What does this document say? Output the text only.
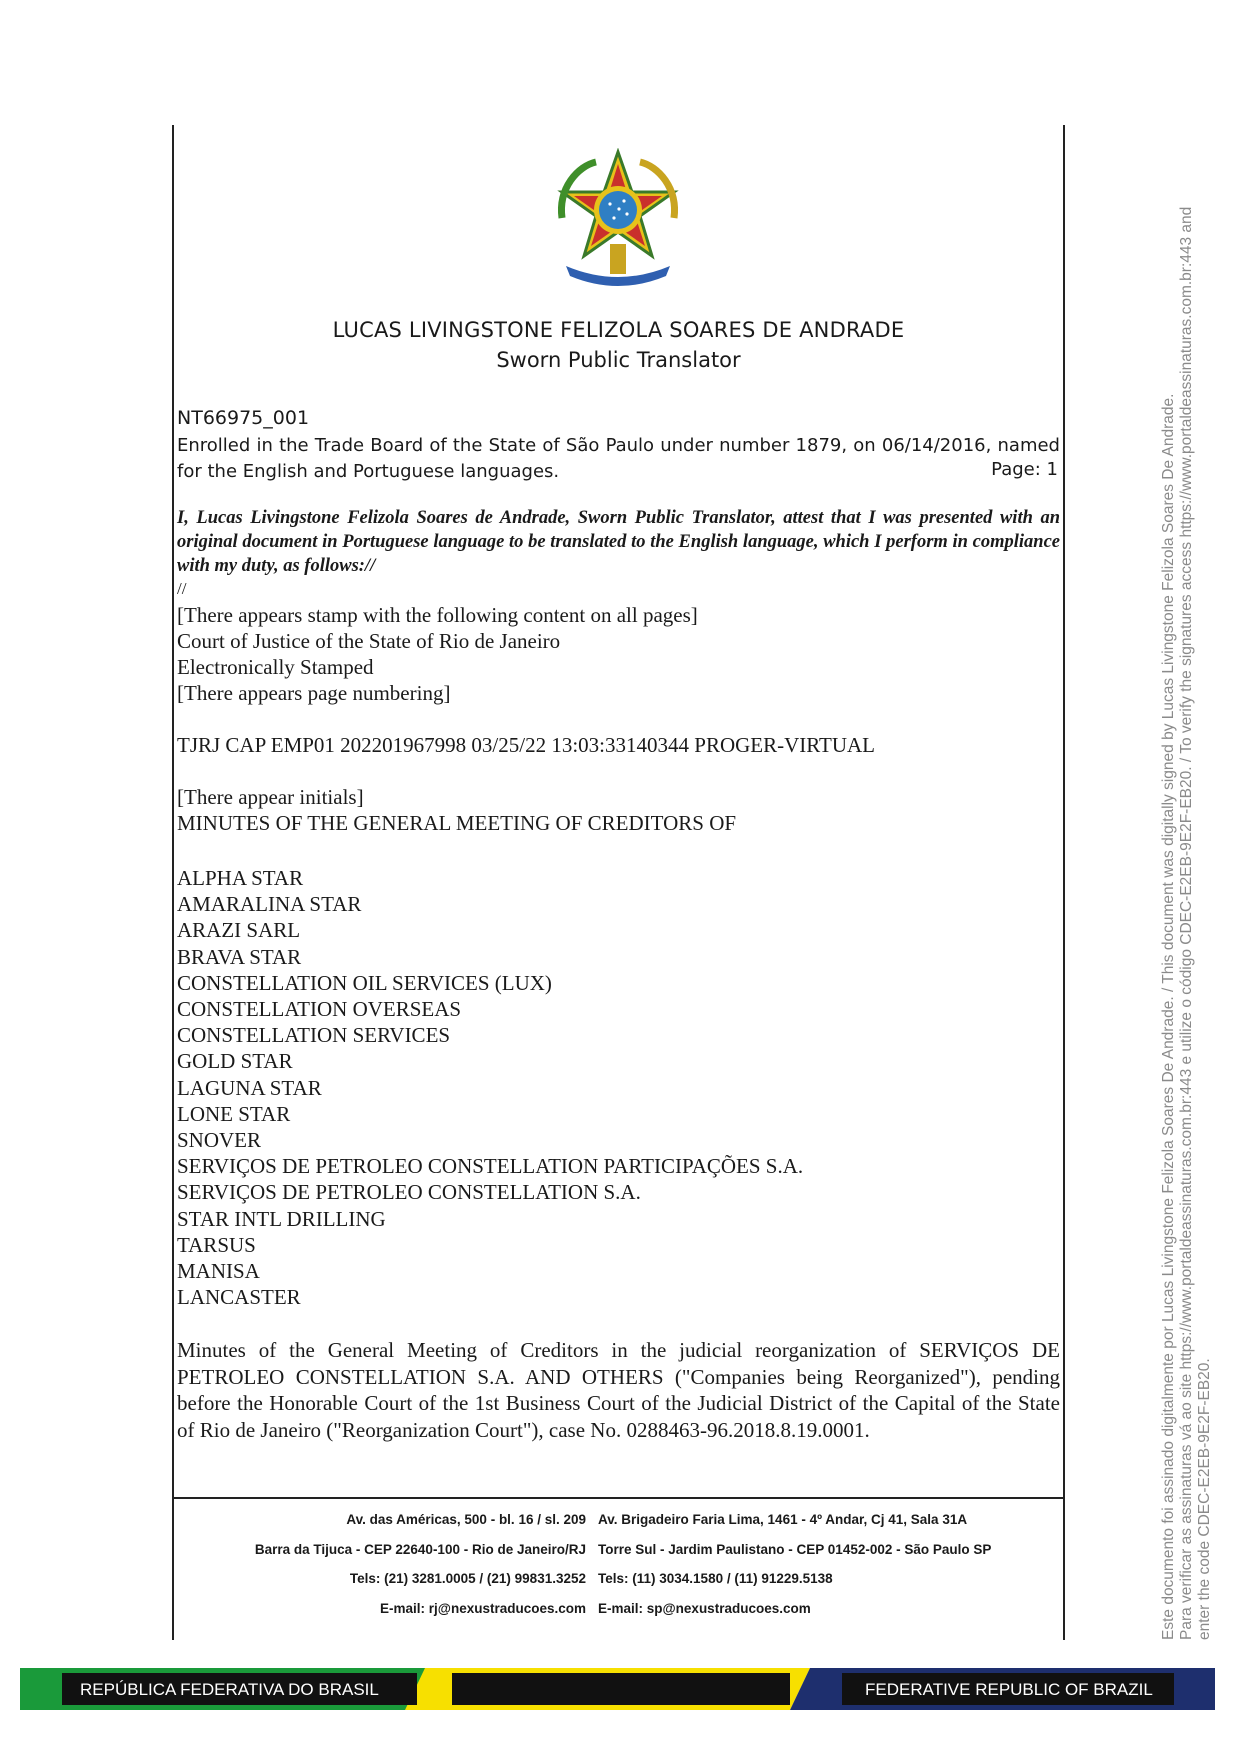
LUCAS LIVINGSTONE FELIZOLA SOARES DE ANDRADE
Sworn Public Translator
NT66975_001
Enrolled in the Trade Board of the State of São Paulo under number 1879, on 06/14/2016, named for the English and Portuguese languages.	Page: 1
I, Lucas Livingstone Felizola Soares de Andrade, Sworn Public Translator, attest that I was presented with an original document in Portuguese language to be translated to the English language, which I perform in compliance with my duty, as follows://
//
[There appears stamp with the following content on all pages]
Court of Justice of the State of Rio de Janeiro
Electronically Stamped
[There appears page numbering]
TJRJ CAP EMP01 202201967998 03/25/22 13:03:33140344 PROGER-VIRTUAL
[There appear initials]
MINUTES OF THE GENERAL MEETING OF CREDITORS OF
ALPHA STAR
AMARALINA STAR
ARAZI SARL
BRAVA STAR
CONSTELLATION OIL SERVICES (LUX)
CONSTELLATION OVERSEAS
CONSTELLATION SERVICES
GOLD STAR
LAGUNA STAR
LONE STAR
SNOVER
SERVIÇOS DE PETROLEO CONSTELLATION PARTICIPAÇÕES S.A.
SERVIÇOS DE PETROLEO CONSTELLATION S.A.
STAR INTL DRILLING
TARSUS
MANISA
LANCASTER
Minutes of the General Meeting of Creditors in the judicial reorganization of SERVIÇOS DE PETROLEO CONSTELLATION S.A. AND OTHERS ("Companies being Reorganized"), pending before the Honorable Court of the 1st Business Court of the Judicial District of the Capital of the State of Rio de Janeiro ("Reorganization Court"), case No. 0288463-96.2018.8.19.0001.
Av. das Américas, 500 - bl. 16 / sl. 209
Barra da Tijuca - CEP 22640-100 - Rio de Janeiro/RJ
Tels: (21) 3281.0005 / (21) 99831.3252
E-mail: rj@nexustraducoes.com
Av. Brigadeiro Faria Lima, 1461 - 4º Andar, Cj 41, Sala 31A
Torre Sul - Jardim Paulistano - CEP 01452-002 - São Paulo SP
Tels: (11) 3034.1580 / (11) 91229.5138
E-mail: sp@nexustraducoes.com
REPÚBLICA FEDERATIVA DO BRASIL	FEDERATIVE REPUBLIC OF BRAZIL
Este documento foi assinado digitalmente por Lucas Livingstone Felizola Soares De Andrade. / This document was digitally signed by Lucas Livingstone Felizola Soares De Andrade. Para verificar as assinaturas vá ao site https://www.portaldeassinaturas.com.br:443 e utilize o código CDEC-E2EB-9E2F-EB20. / To verify the signatures access https://www.portaldeassinaturas.com.br:443 and enter the code CDEC-E2EB-9E2F-EB20.
